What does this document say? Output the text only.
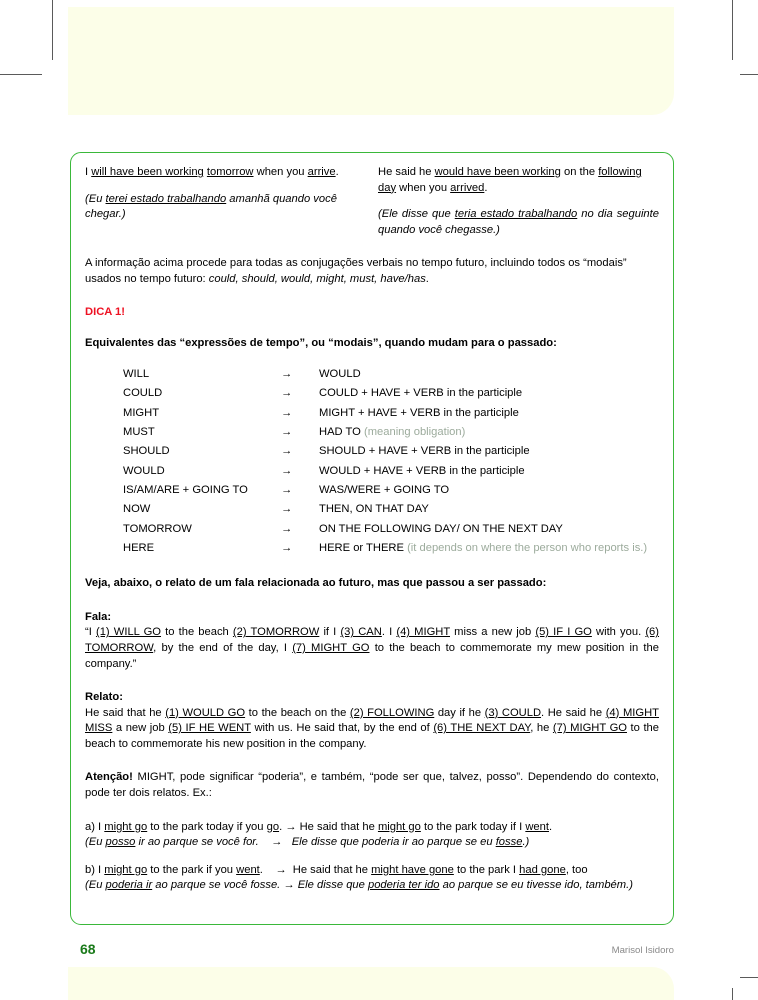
I will have been working tomorrow when you arrive.

(Eu terei estado trabalhando amanhã quando você chegar.)

He said he would have been working on the following day when you arrived.

(Ele disse que teria estado trabalhando no dia seguinte quando você chegasse.)

A informação acima procede para todas as conjugações verbais no tempo futuro, incluindo todos os “modais” usados no tempo futuro: could, should, would, might, must, have/has.

DICA 1!

Equivalentes das “expressões de tempo”, ou “modais”, quando mudam para o passado:

WILL	→	WOULD
COULD	→	COULD + HAVE + VERB in the participle
MIGHT	→	MIGHT + HAVE + VERB in the participle
MUST	→	HAD TO (meaning obligation)
SHOULD	→	SHOULD + HAVE + VERB in the participle
WOULD	→	WOULD + HAVE + VERB in the participle
IS/AM/ARE + GOING TO	→	WAS/WERE + GOING TO
NOW	→	THEN, ON THAT DAY
TOMORROW	→	ON THE FOLLOWING DAY/ ON THE NEXT DAY
HERE	→	HERE or THERE (it depends on where the person who reports is.)

Veja, abaixo, o relato de um fala relacionada ao futuro, mas que passou a ser passado:

Fala:

“I (1) WILL GO to the beach (2) TOMORROW if I (3) CAN. I (4) MIGHT miss a new job (5) IF I GO with you. (6) TOMORROW, by the end of the day, I (7) MIGHT GO to the beach to commemorate my mew position in the company.”

Relato:

He said that he (1) WOULD GO to the beach on the (2) FOLLOWING day if he (3) COULD. He said he (4) MIGHT MISS a new job (5) IF HE WENT with us. He said that, by the end of (6) THE NEXT DAY, he (7) MIGHT GO to the beach to commemorate his new position in the company.

Atenção! MIGHT, pode significar “poderia”, e também, “pode ser que, talvez, posso”. Dependendo do contexto, pode ter dois relatos. Ex.:

a) I might go to the park today if you go. → He said that he might go to the park today if I went.

(Eu posso ir ao parque se você for. → Ele disse que poderia ir ao parque se eu fosse.)

b) I might go to the park if you went. → He said that he might have gone to the park I had gone, too

(Eu poderia ir ao parque se você fosse. → Ele disse que poderia ter ido ao parque se eu tivesse ido, também.)

68	Marisol Isidoro
